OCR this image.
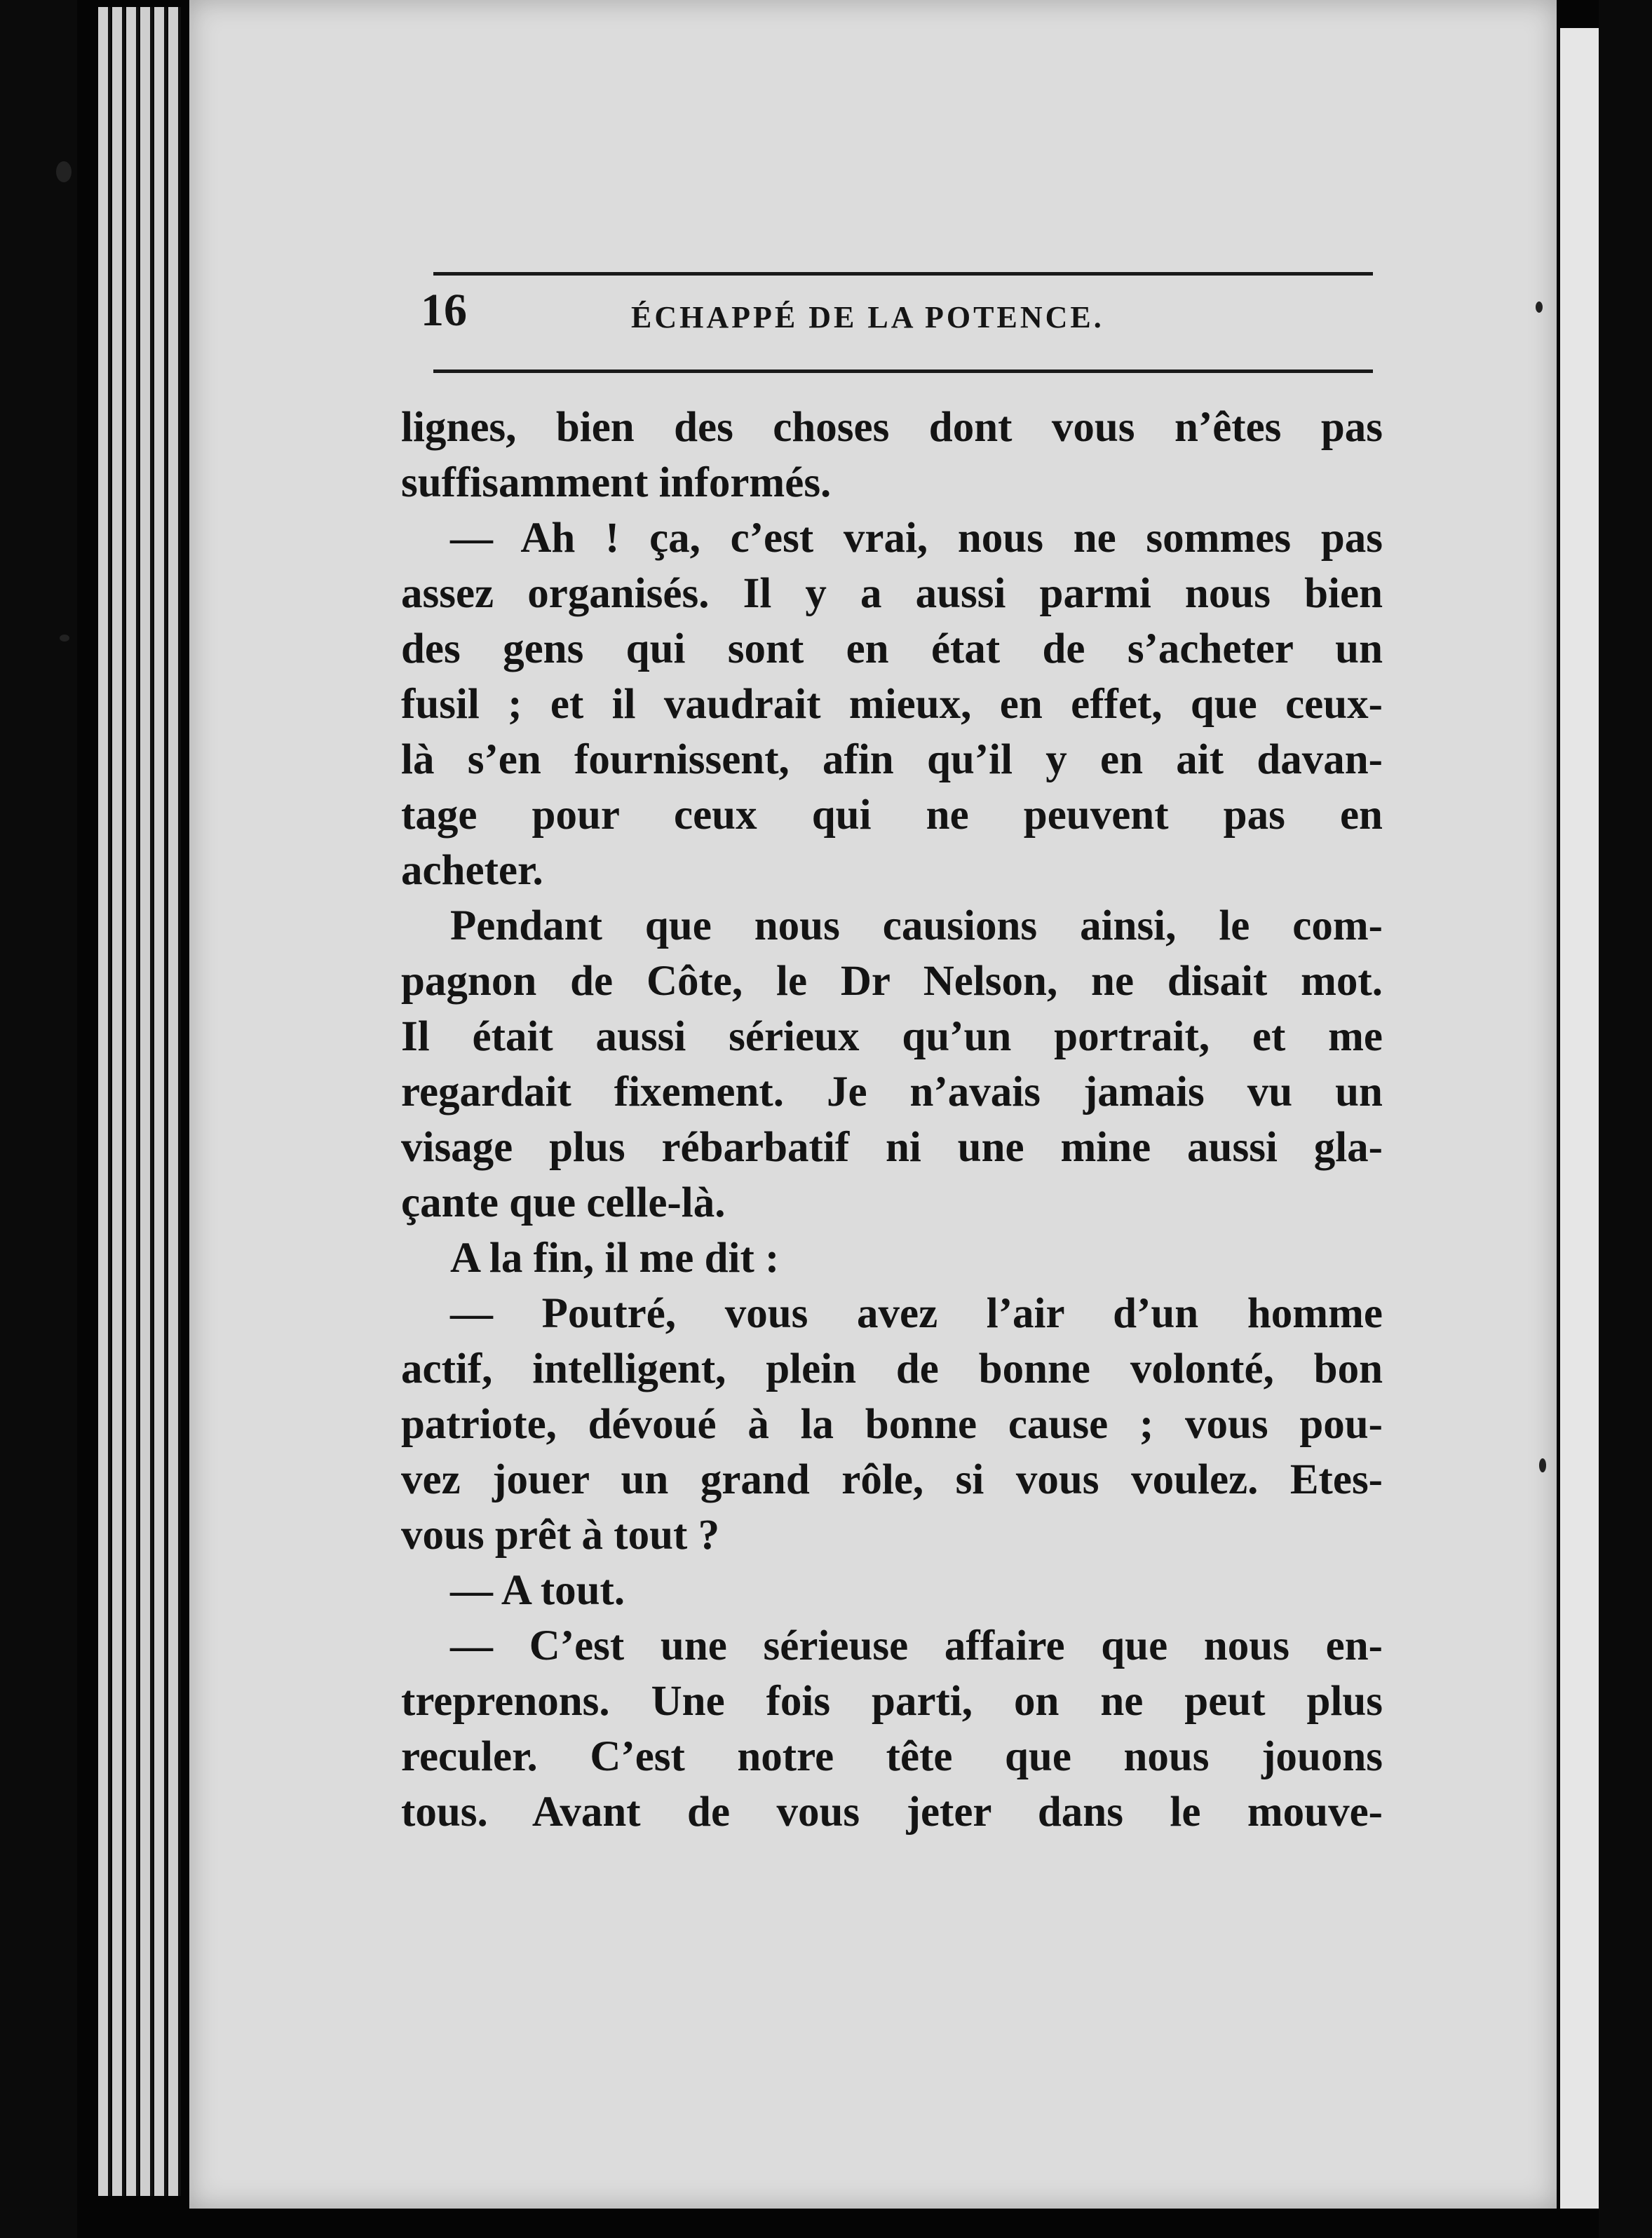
16	ÉCHAPPÉ DE LA POTENCE.
lignes, bien des choses dont vous n’êtes pas
suffisamment informés.
— Ah ! ça, c’est vrai, nous ne sommes pas
assez organisés. Il y a aussi parmi nous bien
des gens qui sont en état de s’acheter un
fusil ; et il vaudrait mieux, en effet, que ceux-
là s’en fournissent, afin qu’il y en ait davan-
tage pour ceux qui ne peuvent pas en
acheter.
Pendant que nous causions ainsi, le com-
pagnon de Côte, le Dr Nelson, ne disait mot.
Il était aussi sérieux qu’un portrait, et me
regardait fixement. Je n’avais jamais vu un
visage plus rébarbatif ni une mine aussi gla-
çante que celle-là.
A la fin, il me dit :
— Poutré, vous avez l’air d’un homme
actif, intelligent, plein de bonne volonté, bon
patriote, dévoué à la bonne cause ; vous pou-
vez jouer un grand rôle, si vous voulez. Etes-
vous prêt à tout ?
— A tout.
— C’est une sérieuse affaire que nous en-
treprenons. Une fois parti, on ne peut plus
reculer. C’est notre tête que nous jouons
tous. Avant de vous jeter dans le mouve-
